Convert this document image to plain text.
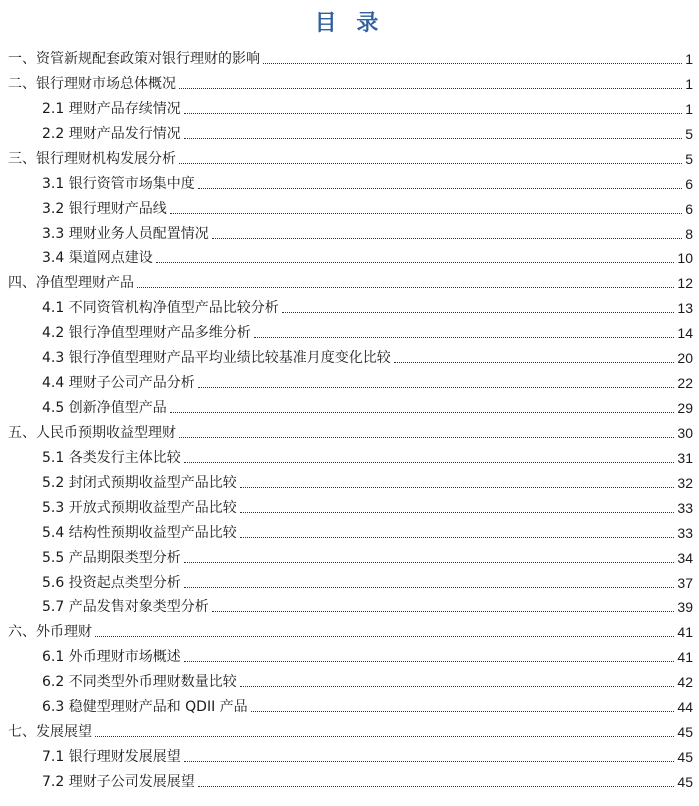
目 录
一、资管新规配套政策对银行理财的影响	1
二、银行理财市场总体概况	1
2.1 理财产品存续情况	1
2.2 理财产品发行情况	5
三、银行理财机构发展分析	5
3.1 银行资管市场集中度	6
3.2 银行理财产品线	6
3.3 理财业务人员配置情况	8
3.4 渠道网点建设	10
四、净值型理财产品	12
4.1 不同资管机构净值型产品比较分析	13
4.2 银行净值型理财产品多维分析	14
4.3 银行净值型理财产品平均业绩比较基准月度变化比较	20
4.4 理财子公司产品分析	22
4.5 创新净值型产品	29
五、人民币预期收益型理财	30
5.1 各类发行主体比较	31
5.2 封闭式预期收益型产品比较	32
5.3 开放式预期收益型产品比较	33
5.4 结构性预期收益型产品比较	33
5.5 产品期限类型分析	34
5.6 投资起点类型分析	37
5.7 产品发售对象类型分析	39
六、外币理财	41
6.1 外币理财市场概述	41
6.2 不同类型外币理财数量比较	42
6.3 稳健型理财产品和 QDII 产品	44
七、发展展望	45
7.1 银行理财发展展望	45
7.2 理财子公司发展展望	45
